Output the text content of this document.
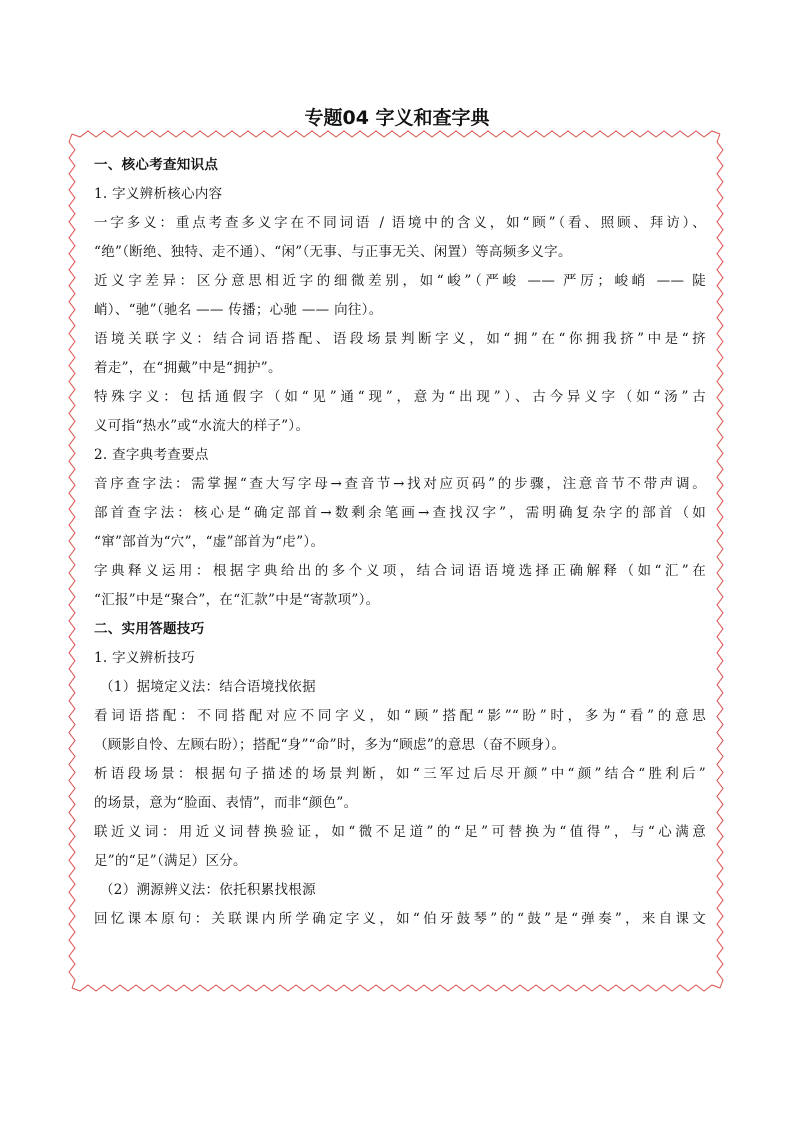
专题04 字义和查字典
一、核心考查知识点
1. 字义辨析核心内容
一字多义：重点考查多义字在不同词语 / 语境中的含义，如“顾”（看、照顾、拜访）、
“绝”（断绝、独特、走不通）、“闲”（无事、与正事无关、闲置）等高频多义字。
近义字差异：区分意思相近字的细微差别，如“峻”（严峻 —— 严厉；峻峭 —— 陡
峭）、“驰”（驰名 —— 传播；心驰 —— 向往）。
语境关联字义：结合词语搭配、语段场景判断字义，如“拥”在“你拥我挤”中是“挤
着走”，在“拥戴”中是“拥护”。
特殊字义：包括通假字（如“见”通“现”，意为“出现”）、古今异义字（如“汤”古
义可指“热水”或“水流大的样子”）。
2. 查字典考查要点
音序查字法：需掌握“查大写字母→查音节→找对应页码”的步骤，注意音节不带声调。
部首查字法：核心是“确定部首→数剩余笔画→查找汉字”，需明确复杂字的部首（如
“窜”部首为“穴”，“虚”部首为“虍”）。
字典释义运用：根据字典给出的多个义项，结合词语语境选择正确解释（如“汇”在
“汇报”中是“聚合”，在“汇款”中是“寄款项”）。
二、实用答题技巧
1. 字义辨析技巧
（1）据境定义法：结合语境找依据
看词语搭配：不同搭配对应不同字义，如“顾”搭配“影”“盼”时，多为“看”的意思
（顾影自怜、左顾右盼）；搭配“身”“命”时，多为“顾虑”的意思（奋不顾身）。
析语段场景：根据句子描述的场景判断，如“三军过后尽开颜”中“颜”结合“胜利后”
的场景，意为“脸面、表情”，而非“颜色”。
联近义词：用近义词替换验证，如“微不足道”的“足”可替换为“值得”，与“心满意
足”的“足”（满足）区分。
（2）溯源辨义法：依托积累找根源
回忆课本原句：关联课内所学确定字义，如“伯牙鼓琴”的“鼓”是“弹奏”，来自课文
